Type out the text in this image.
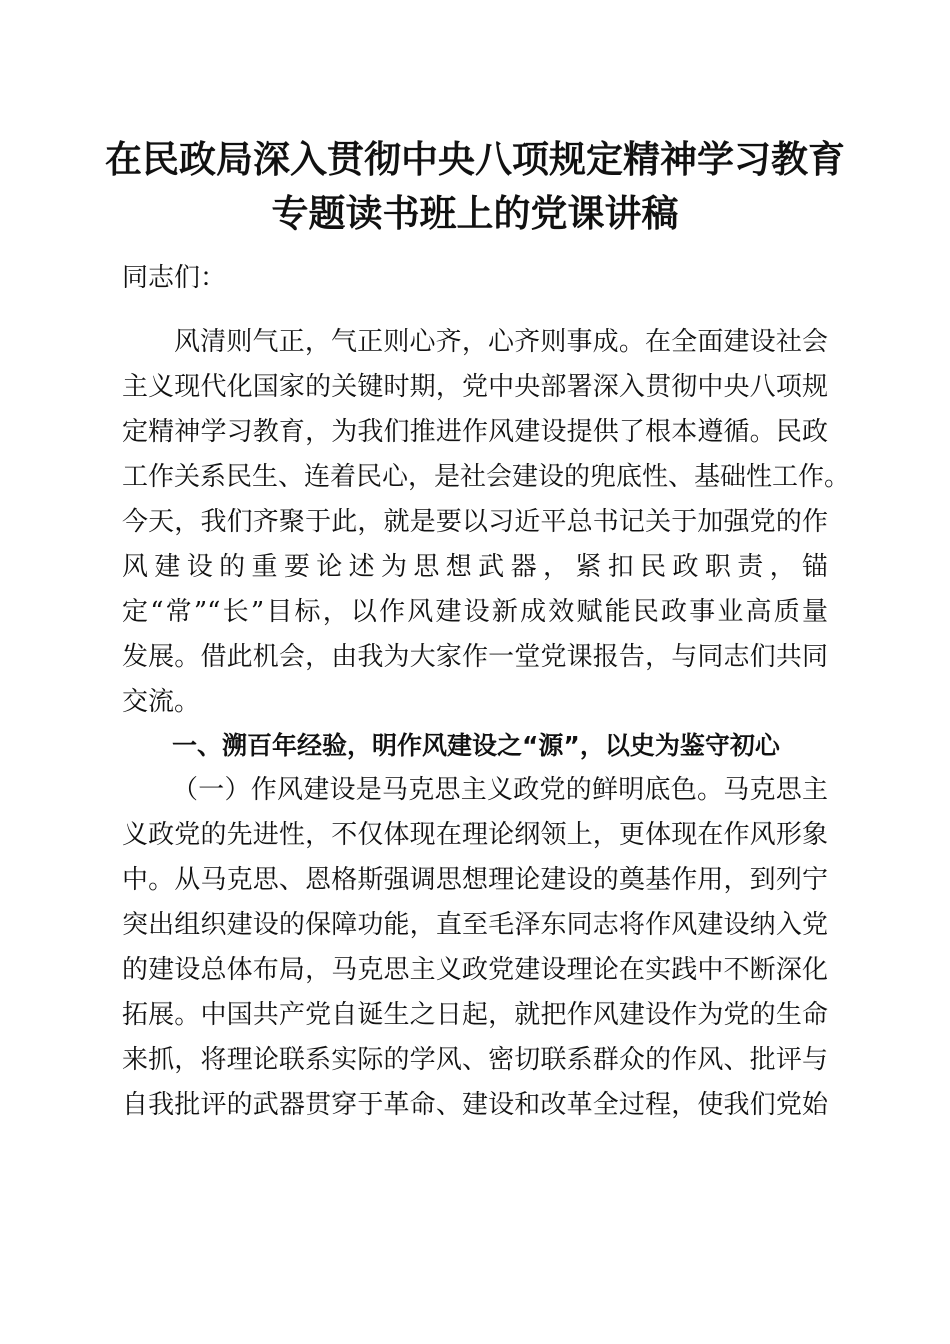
在民政局深入贯彻中央八项规定精神学习教育
专题读书班上的党课讲稿
同志们：
风清则气正，气正则心齐，心齐则事成。在全面建设社会
主义现代化国家的关键时期，党中央部署深入贯彻中央八项规
定精神学习教育，为我们推进作风建设提供了根本遵循。民政
工作关系民生、连着民心，是社会建设的兜底性、基础性工作。
今天，我们齐聚于此，就是要以习近平总书记关于加强党的作
风建设的重要论述为思想武器，紧扣民政职责，锚
定“常”“长”目标，以作风建设新成效赋能民政事业高质量
发展。借此机会，由我为大家作一堂党课报告，与同志们共同
交流。
一、溯百年经验，明作风建设之“源”，以史为鉴守初心
（一）作风建设是马克思主义政党的鲜明底色。马克思主
义政党的先进性，不仅体现在理论纲领上，更体现在作风形象
中。从马克思、恩格斯强调思想理论建设的奠基作用，到列宁
突出组织建设的保障功能，直至毛泽东同志将作风建设纳入党
的建设总体布局，马克思主义政党建设理论在实践中不断深化
拓展。中国共产党自诞生之日起，就把作风建设作为党的生命
来抓，将理论联系实际的学风、密切联系群众的作风、批评与
自我批评的武器贯穿于革命、建设和改革全过程，使我们党始
